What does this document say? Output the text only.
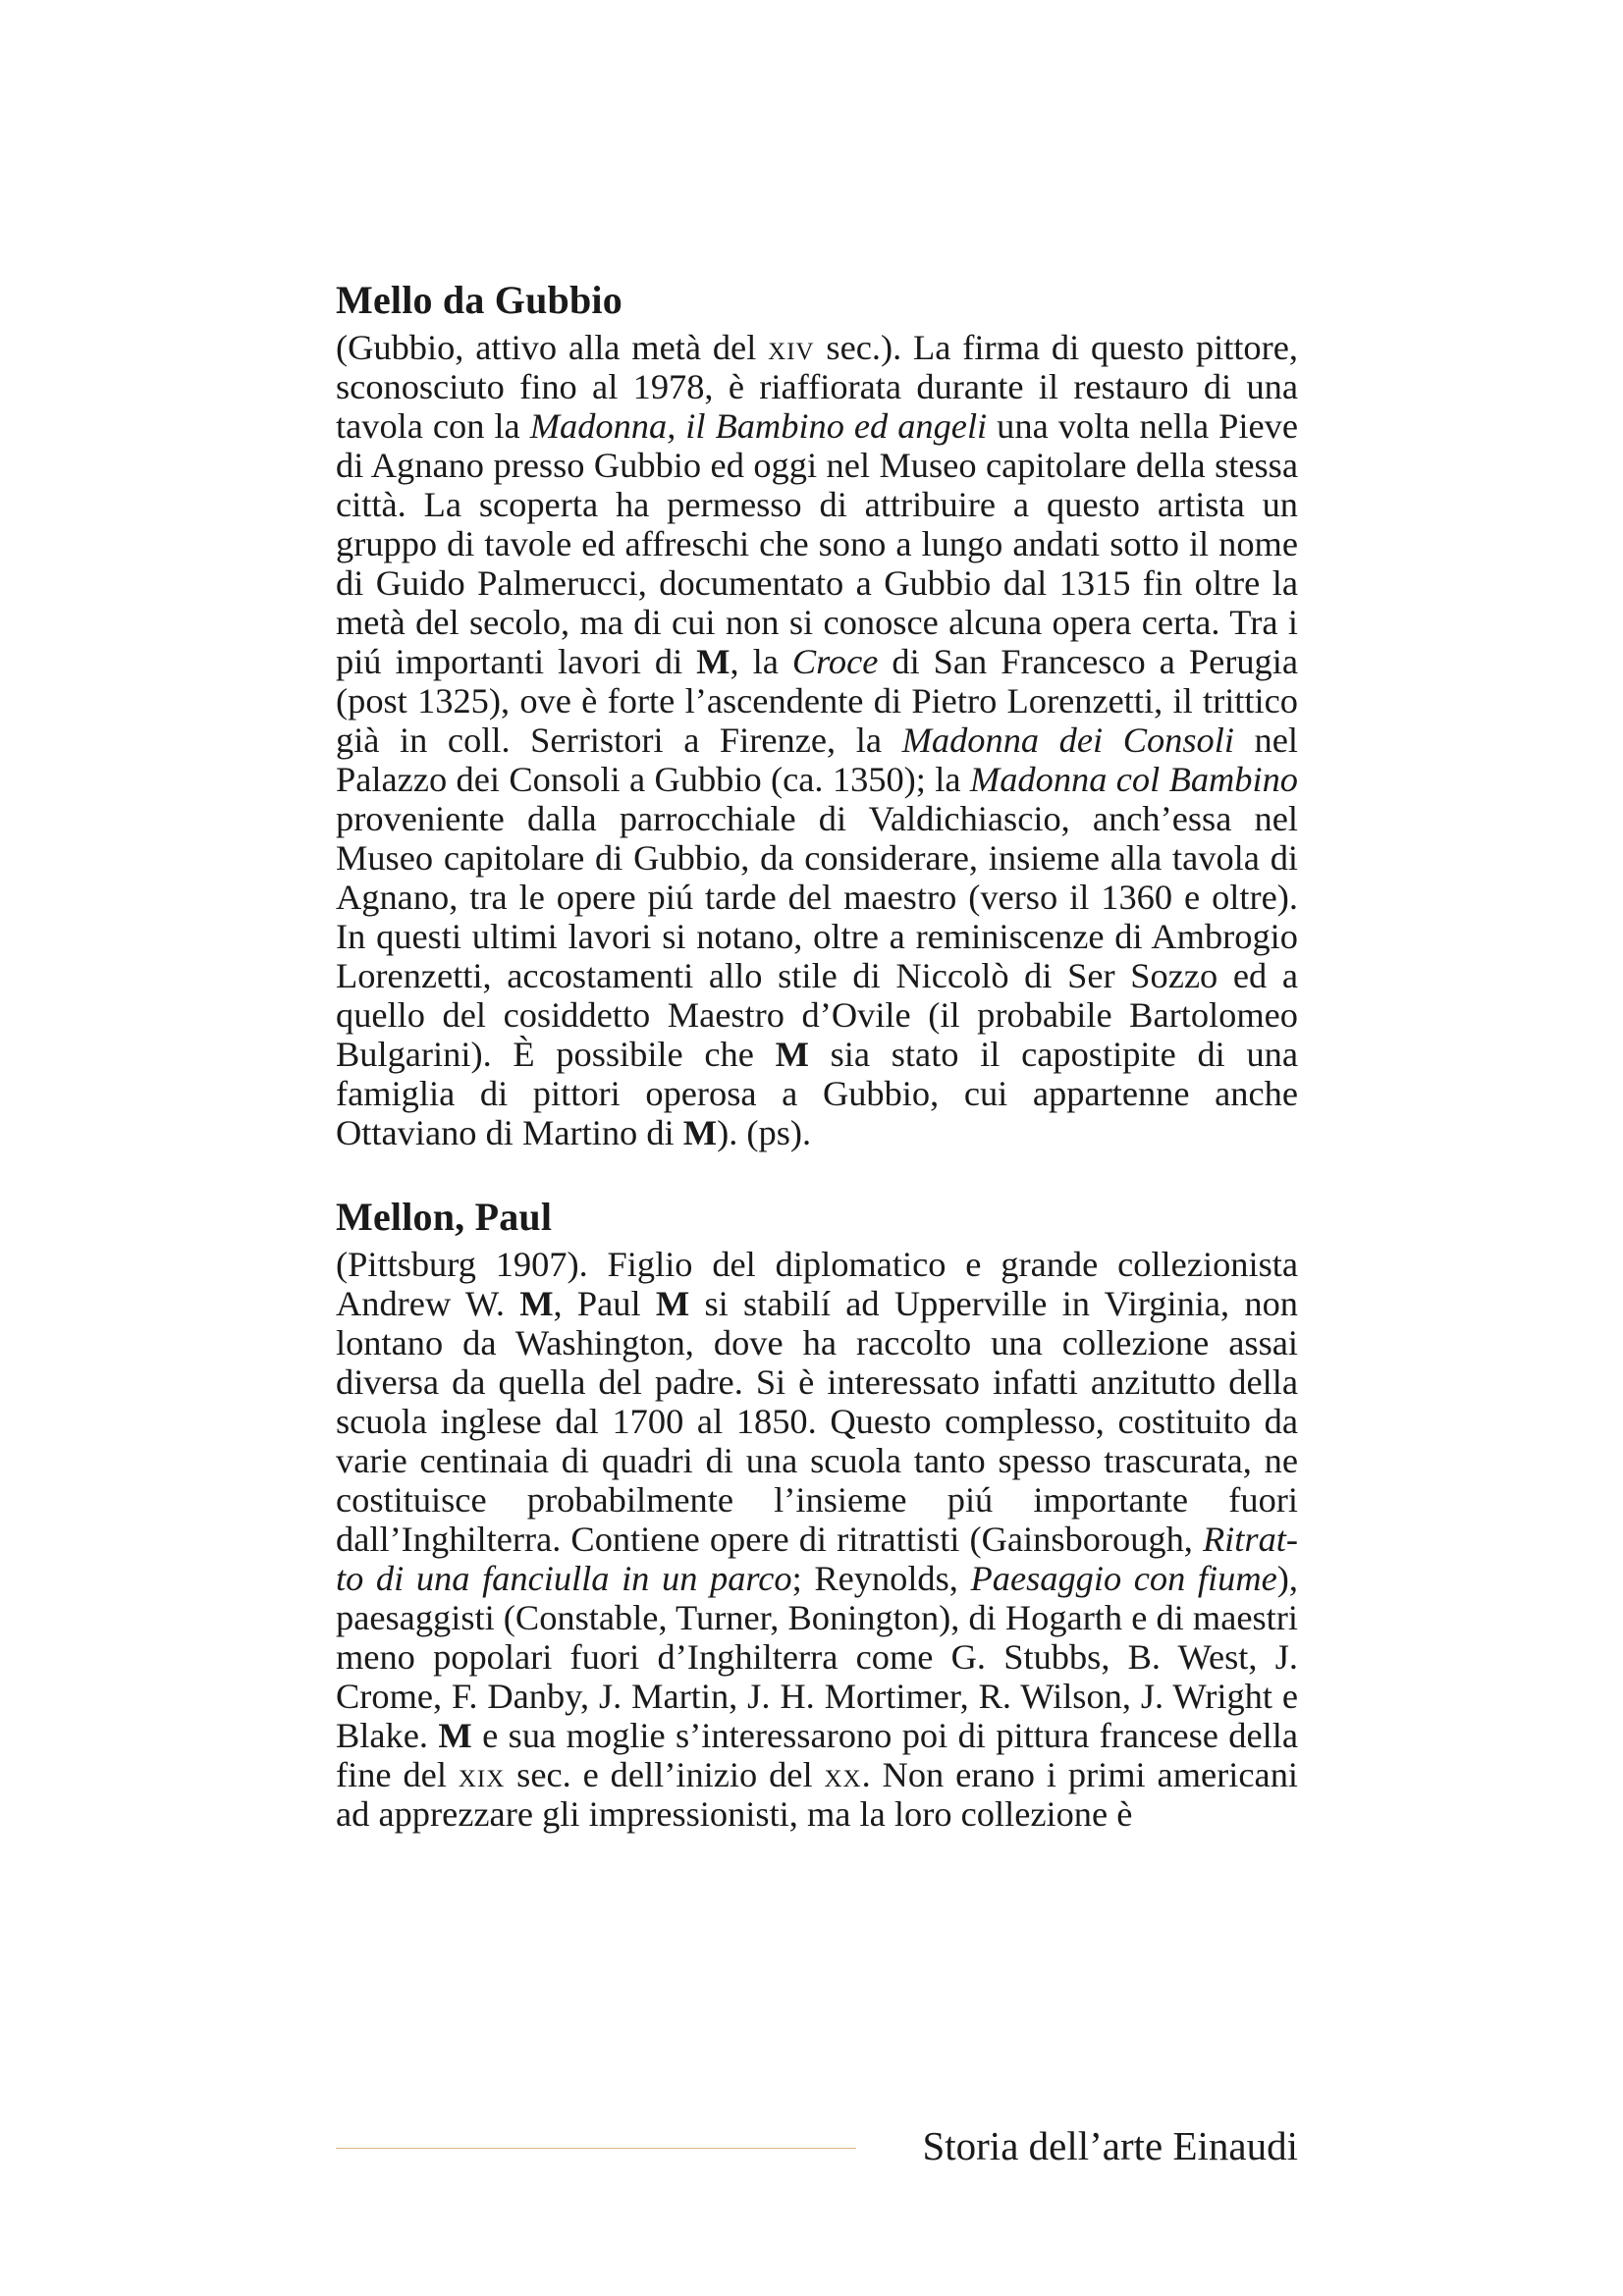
Mello da Gubbio

(Gubbio, attivo alla metà del xiv sec.). La firma di questo pittore, sconosciuto fino al 1978, è riaffiorata durante il restauro di una tavola con la Madonna, il Bambino ed angeli una volta nella Pieve di Agnano presso Gubbio ed oggi nel Museo capitolare della stessa città. La scoperta ha permesso di attribuire a questo artista un gruppo di tavole ed affreschi che sono a lungo andati sotto il nome di Guido Palmerucci, documentato a Gubbio dal 1315 fin oltre la metà del secolo, ma di cui non si conosce alcuna opera certa. Tra i piú importanti lavori di M, la Croce di San Francesco a Perugia (post 1325), ove è forte l’ascendente di Pietro Lorenzetti, il trittico già in coll. Serristori a Firenze, la Madonna dei Consoli nel Palazzo dei Consoli a Gubbio (ca. 1350); la Madonna col Bambino proveniente dalla parrocchiale di Valdichiascio, anch’essa nel Museo capitolare di Gubbio, da considerare, insieme alla tavola di Agnano, tra le opere piú tarde del maestro (verso il 1360 e oltre). In questi ultimi lavori si notano, oltre a reminiscenze di Ambrogio Lorenzetti, accostamenti allo stile di Niccolò di Ser Sozzo ed a quello del cosiddetto Maestro d’Ovile (il probabile Bartolomeo Bulgarini). È possibile che M sia stato il capostipite di una famiglia di pittori operosa a Gubbio, cui appartenne anche Ottaviano di Martino di M). (ps).

Mellon, Paul

(Pittsburg 1907). Figlio del diplomatico e grande collezionista Andrew W. M, Paul M si stabilí ad Upperville in Virginia, non lontano da Washington, dove ha raccolto una collezione assai diversa da quella del padre. Si è interessato infatti anzitutto della scuola inglese dal 1700 al 1850. Questo complesso, costituito da varie centinaia di quadri di una scuola tanto spesso trascurata, ne costituisce probabilmente l’insieme piú importante fuori dall’Inghilterra. Contiene opere di ritrattisti (Gainsborough, Ritratto di una fanciulla in un parco; Reynolds, Paesaggio con fiume), paesaggisti (Constable, Turner, Bonington), di Hogarth e di maestri meno popolari fuori d’Inghilterra come G. Stubbs, B. West, J. Crome, F. Danby, J. Martin, J. H. Mortimer, R. Wilson, J. Wright e Blake. M e sua moglie s’interessarono poi di pittura francese della fine del xix sec. e dell’inizio del xx. Non erano i primi americani ad apprezzare gli impressionisti, ma la loro collezione è

Storia dell’arte Einaudi
